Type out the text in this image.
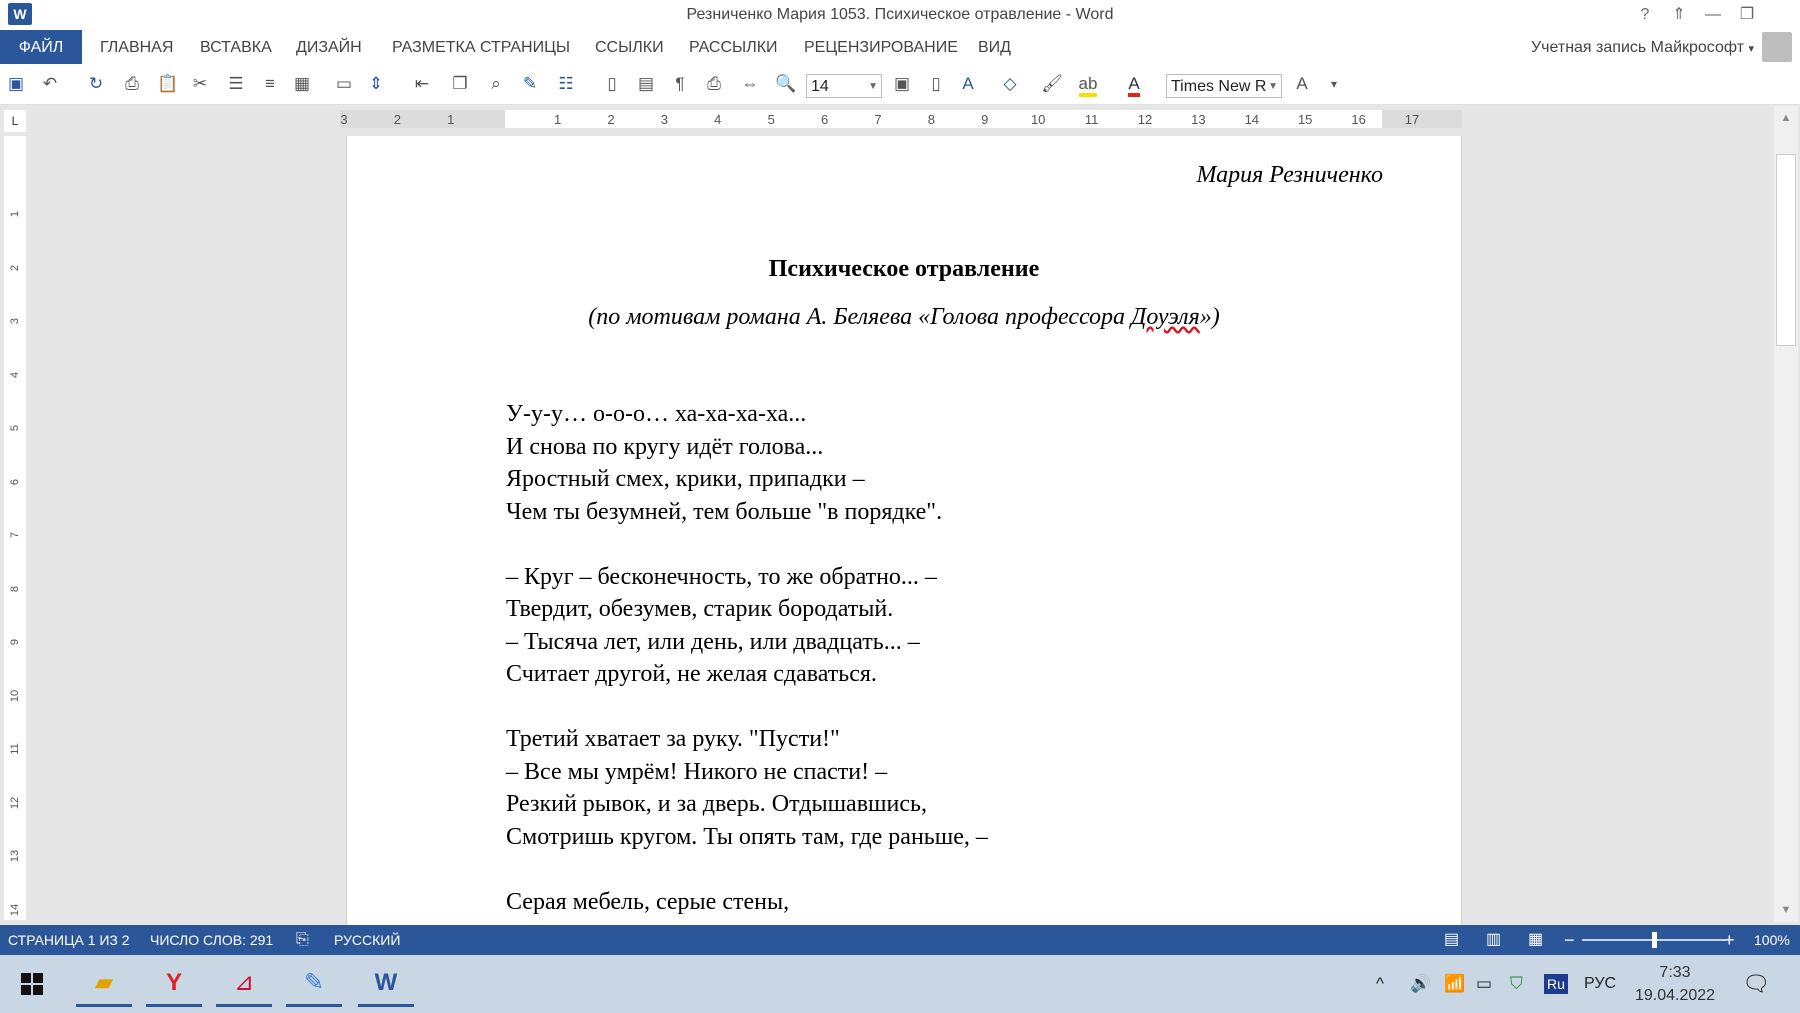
W	Резниченко Мария 1053. Психическое отравление - Word	?	⇑	—	❐
ФАЙЛ	ГЛАВНАЯ ВСТАВКА ДИЗАЙН РАЗМЕТКА СТРАНИЦЫ ССЫЛКИ РАССЫЛКИ РЕЦЕНЗИРОВАНИЕ ВИД	Учетная запись Майкрософт ▾
▣ ↶ ↻	⎙	📋 ✂ ☰	≡	▦ ▭ ⇕ ⇤ ❐	⌕	✎ ☷	▯	▤	¶	⎙	⇔ 🔍 14	▼ ▣	▯	A	◇	🖌 ab	A	Times New R ▼	A	▾
L	3	2	1	1	2	3	4	5	6	7	8	9	10	11	12	13	14	15	16	17
1
2
3
4
5
6
7
8
9
10
11
12
13
14
Мария Резниченко
Психическое отравление
(по мотивам романа А. Беляева «Голова профессора Доуэля»)
У-у-у… о-о-о… ха-ха-ха-ха...
И снова по кругу идёт голова...
Яростный смех, крики, припадки –
Чем ты безумней, тем больше "в порядке".
– Круг – бесконечность, то же обратно... –
Твердит, обезумев, старик бородатый.
– Тысяча лет, или день, или двадцать... –
Считает другой, не желая сдаваться.
Третий хватает за руку. "Пусти!"
– Все мы умрём! Никого не спасти! –
Резкий рывок, и за дверь. Отдышавшись,
Смотришь кругом. Ты опять там, где раньше, –
Серая мебель, серые стены,
▲
▼
СТРАНИЦА 1 ИЗ 2 ЧИСЛО СЛОВ: 291 ⎘ РУССКИЙ	▤ ▥ ▦ −	+ 100%
▰	Y	⊿	✎	W	^ 🔊 📶 ▭ ⛉ Ru РУС
7:33
19.04.2022 🗨
